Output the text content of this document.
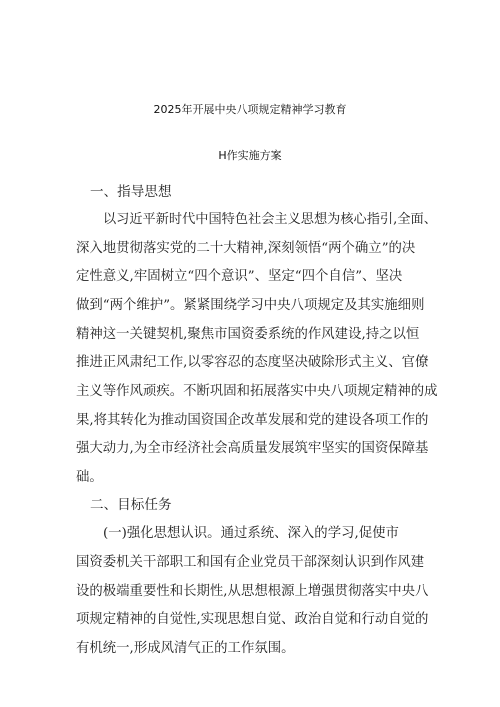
2025年开展中央八项规定精神学习教育
H作实施方案
一、指导思想
以习近平新时代中国特色社会主义思想为核心指引,全面、
深入地贯彻落实党的二十大精神,深刻领悟“两个确立”的决
定性意义,牢固树立“四个意识”、坚定“四个自信”、坚决
做到“两个维护”。紧紧围绕学习中央八项规定及其实施细则
精神这一关键契机,聚焦市国资委系统的作风建设,持之以恒
推进正风肃纪工作,以零容忍的态度坚决破除形式主义、官僚
主义等作风顽疾。不断巩固和拓展落实中央八项规定精神的成
果,将其转化为推动国资国企改革发展和党的建设各项工作的
强大动力,为全市经济社会高质量发展筑牢坚实的国资保障基
础。
二、目标任务
(一)强化思想认识。通过系统、深入的学习,促使市
国资委机关干部职工和国有企业党员干部深刻认识到作风建
设的极端重要性和长期性,从思想根源上增强贯彻落实中央八
项规定精神的自觉性,实现思想自觉、政治自觉和行动自觉的
有机统一,形成风清气正的工作氛围。
